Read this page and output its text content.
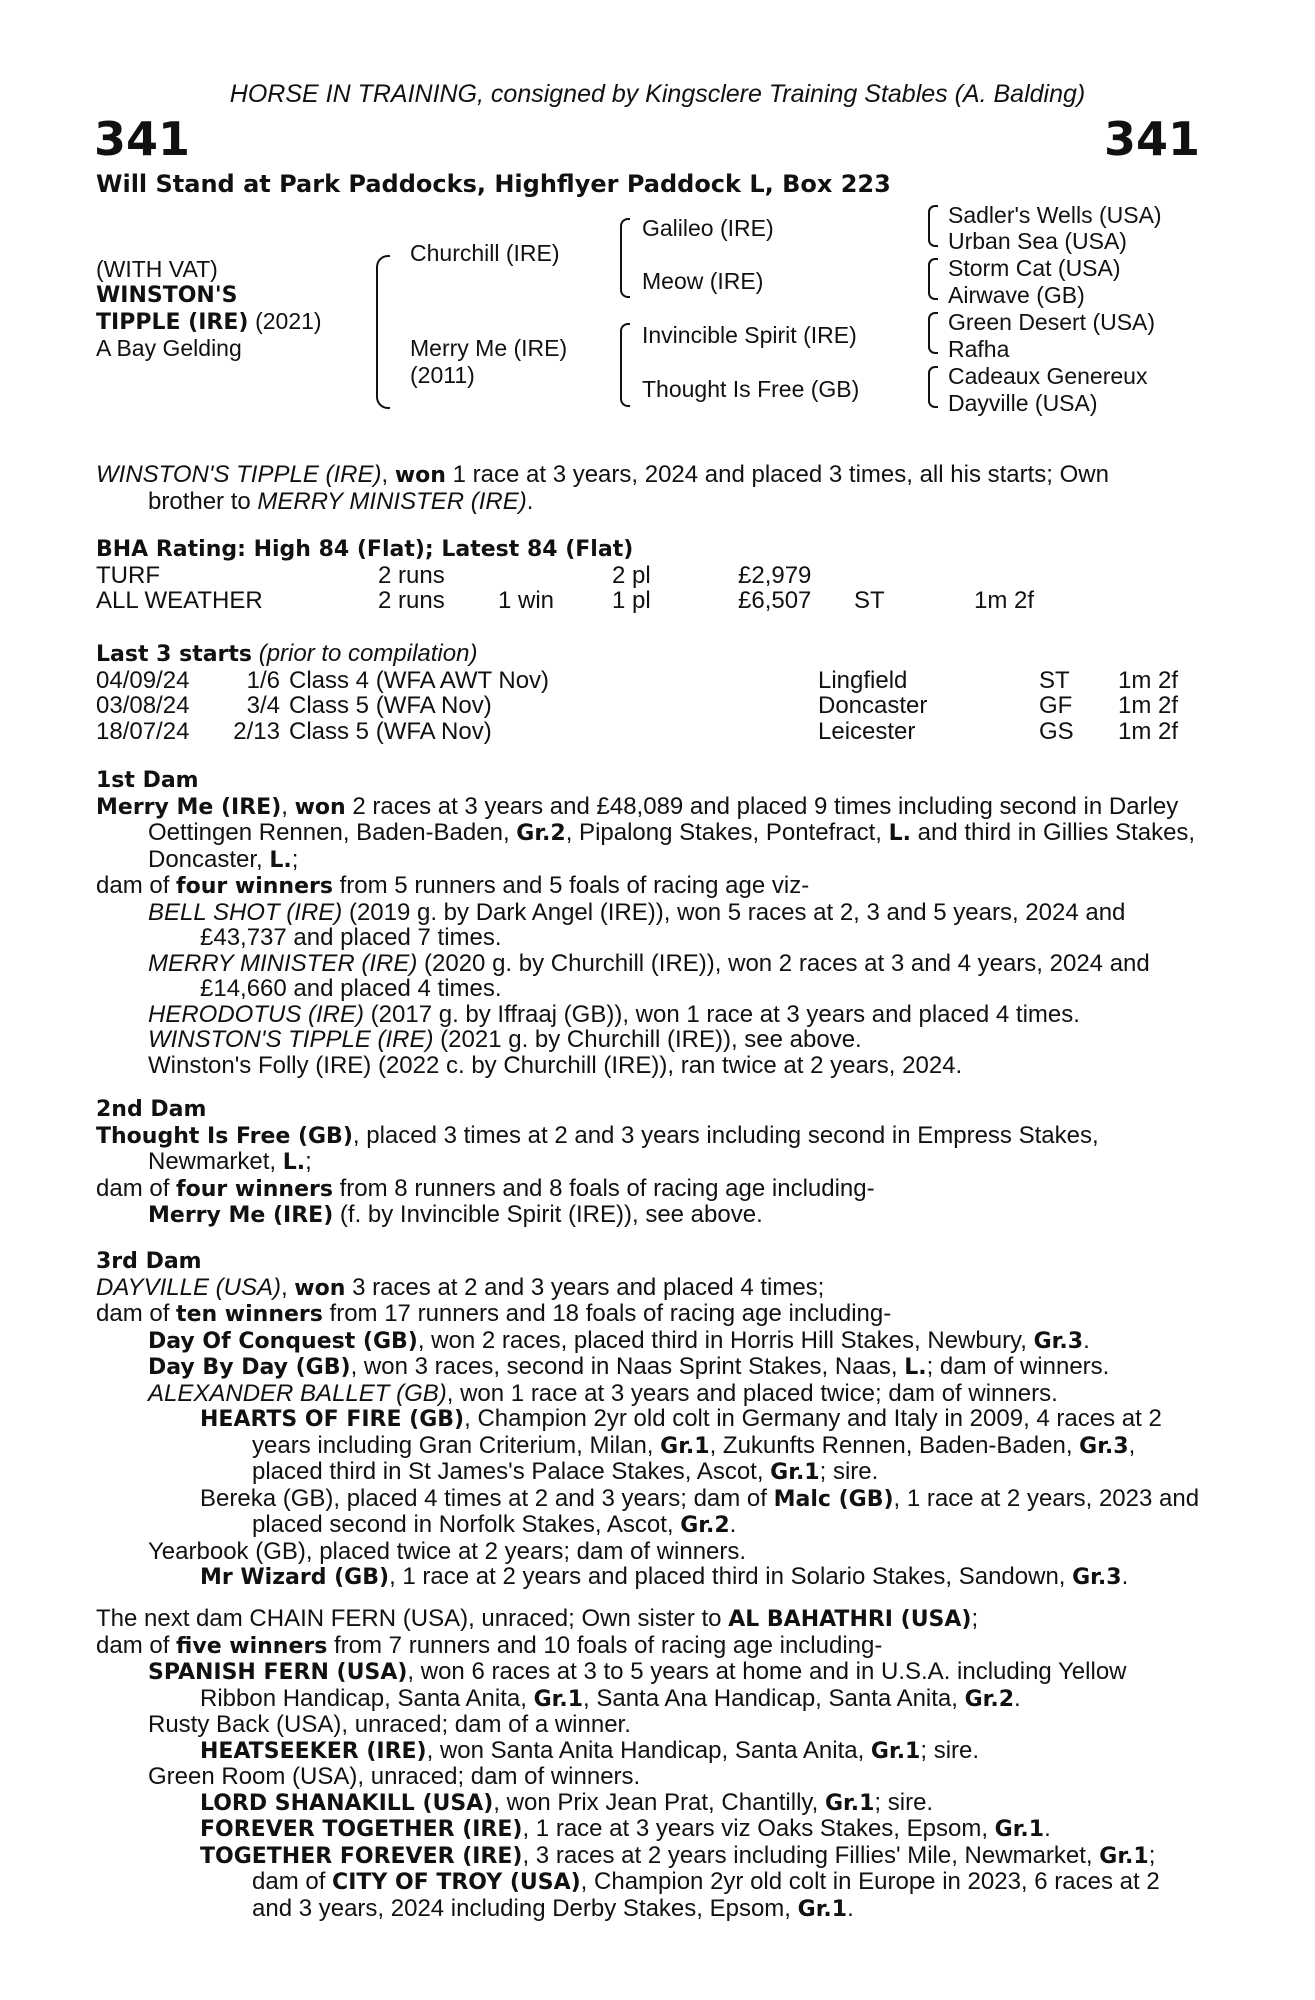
HORSE IN TRAINING, consigned by Kingsclere Training Stables (A. Balding)
341	341
Will Stand at Park Paddocks, Highflyer Paddock L, Box 223
(WITH VAT)
WINSTON'S
TIPPLE (IRE) (2021)
A Bay Gelding
Churchill (IRE)
Merry Me (IRE)
(2011)
Galileo (IRE)
Meow (IRE)
Invincible Spirit (IRE)
Thought Is Free (GB)
Sadler's Wells (USA)
Urban Sea (USA)
Storm Cat (USA)
Airwave (GB)
Green Desert (USA)
Rafha
Cadeaux Genereux
Dayville (USA)
WINSTON'S TIPPLE (IRE), won 1 race at 3 years, 2024 and placed 3 times, all his starts; Own
brother to MERRY MINISTER (IRE).
BHA Rating: High 84 (Flat); Latest 84 (Flat)
TURF	2 runs	2 pl	£2,979
ALL WEATHER	2 runs 1 win 1 pl	£6,507 ST	1m 2f
Last 3 starts (prior to compilation)
04/09/24	1/6 Class 4 (WFA AWT Nov)	Lingfield	ST 1m 2f
03/08/24	3/4 Class 5 (WFA Nov)	Doncaster	GF 1m 2f
18/07/24 2/13 Class 5 (WFA Nov)	Leicester	GS 1m 2f
1st Dam
Merry Me (IRE), won 2 races at 3 years and £48,089 and placed 9 times including second in Darley Oettingen Rennen, Baden-Baden, Gr.2, Pipalong Stakes, Pontefract, L. and third in Gillies Stakes, Doncaster, L.;
dam of four winners from 5 runners and 5 foals of racing age viz-
BELL SHOT (IRE) (2019 g. by Dark Angel (IRE)), won 5 races at 2, 3 and 5 years, 2024 and £43,737 and placed 7 times.
MERRY MINISTER (IRE) (2020 g. by Churchill (IRE)), won 2 races at 3 and 4 years, 2024 and £14,660 and placed 4 times.
HERODOTUS (IRE) (2017 g. by Iffraaj (GB)), won 1 race at 3 years and placed 4 times.
WINSTON'S TIPPLE (IRE) (2021 g. by Churchill (IRE)), see above.
Winston's Folly (IRE) (2022 c. by Churchill (IRE)), ran twice at 2 years, 2024.
2nd Dam
Thought Is Free (GB), placed 3 times at 2 and 3 years including second in Empress Stakes, Newmarket, L.;
dam of four winners from 8 runners and 8 foals of racing age including-
Merry Me (IRE) (f. by Invincible Spirit (IRE)), see above.
3rd Dam
DAYVILLE (USA), won 3 races at 2 and 3 years and placed 4 times;
dam of ten winners from 17 runners and 18 foals of racing age including-
Day Of Conquest (GB), won 2 races, placed third in Horris Hill Stakes, Newbury, Gr.3.
Day By Day (GB), won 3 races, second in Naas Sprint Stakes, Naas, L.; dam of winners.
ALEXANDER BALLET (GB), won 1 race at 3 years and placed twice; dam of winners.
HEARTS OF FIRE (GB), Champion 2yr old colt in Germany and Italy in 2009, 4 races at 2 years including Gran Criterium, Milan, Gr.1, Zukunfts Rennen, Baden-Baden, Gr.3, placed third in St James's Palace Stakes, Ascot, Gr.1; sire.
Bereka (GB), placed 4 times at 2 and 3 years; dam of Malc (GB), 1 race at 2 years, 2023 and placed second in Norfolk Stakes, Ascot, Gr.2.
Yearbook (GB), placed twice at 2 years; dam of winners.
Mr Wizard (GB), 1 race at 2 years and placed third in Solario Stakes, Sandown, Gr.3.
The next dam CHAIN FERN (USA), unraced; Own sister to AL BAHATHRI (USA);
dam of five winners from 7 runners and 10 foals of racing age including-
SPANISH FERN (USA), won 6 races at 3 to 5 years at home and in U.S.A. including Yellow Ribbon Handicap, Santa Anita, Gr.1, Santa Ana Handicap, Santa Anita, Gr.2.
Rusty Back (USA), unraced; dam of a winner.
HEATSEEKER (IRE), won Santa Anita Handicap, Santa Anita, Gr.1; sire.
Green Room (USA), unraced; dam of winners.
LORD SHANAKILL (USA), won Prix Jean Prat, Chantilly, Gr.1; sire.
FOREVER TOGETHER (IRE), 1 race at 3 years viz Oaks Stakes, Epsom, Gr.1.
TOGETHER FOREVER (IRE), 3 races at 2 years including Fillies' Mile, Newmarket, Gr.1; dam of CITY OF TROY (USA), Champion 2yr old colt in Europe in 2023, 6 races at 2 and 3 years, 2024 including Derby Stakes, Epsom, Gr.1.
